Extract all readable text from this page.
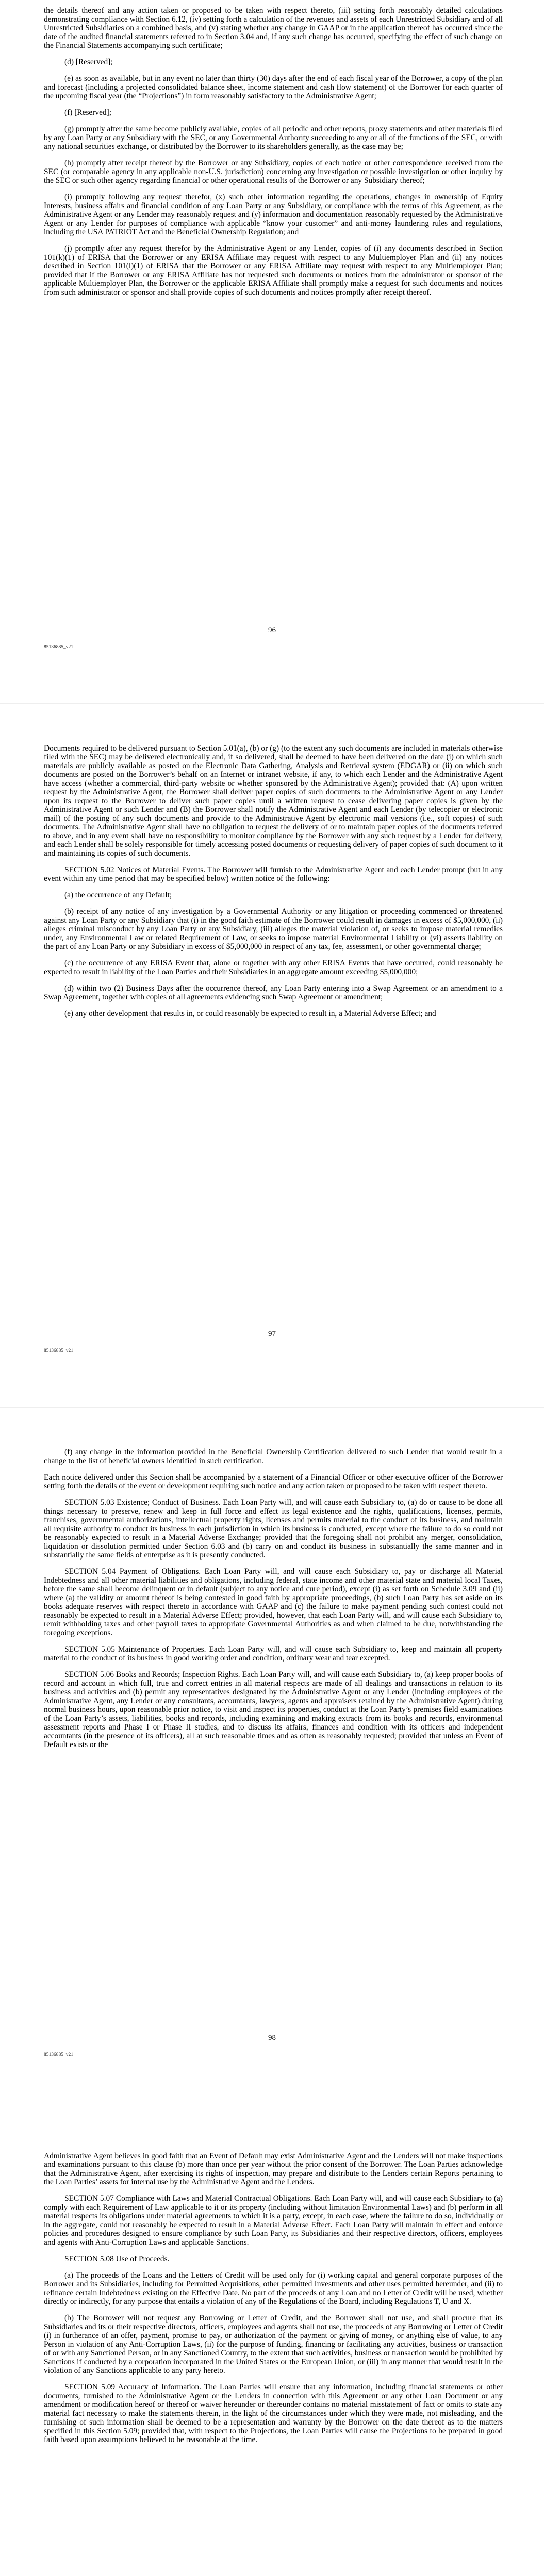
the details thereof and any action taken or proposed to be taken with respect thereto, (iii) setting forth reasonably detailed calculations demonstrating compliance with Section 6.12, (iv) setting forth a calculation of the revenues and assets of each Unrestricted Subsidiary and of all Unrestricted Subsidiaries on a combined basis, and (v) stating whether any change in GAAP or in the application thereof has occurred since the date of the audited financial statements referred to in Section 3.04 and, if any such change has occurred, specifying the effect of such change on the Financial Statements accompanying such certificate;

(d) [Reserved];

(e) as soon as available, but in any event no later than thirty (30) days after the end of each fiscal year of the Borrower, a copy of the plan and forecast (including a projected consolidated balance sheet, income statement and cash flow statement) of the Borrower for each quarter of the upcoming fiscal year (the “Projections”) in form reasonably satisfactory to the Administrative Agent;

(f) [Reserved];

(g) promptly after the same become publicly available, copies of all periodic and other reports, proxy statements and other materials filed by any Loan Party or any Subsidiary with the SEC, or any Governmental Authority succeeding to any or all of the functions of the SEC, or with any national securities exchange, or distributed by the Borrower to its shareholders generally, as the case may be;

(h) promptly after receipt thereof by the Borrower or any Subsidiary, copies of each notice or other correspondence received from the SEC (or comparable agency in any applicable non-U.S. jurisdiction) concerning any investigation or possible investigation or other inquiry by the SEC or such other agency regarding financial or other operational results of the Borrower or any Subsidiary thereof;

(i) promptly following any request therefor, (x) such other information regarding the operations, changes in ownership of Equity Interests, business affairs and financial condition of any Loan Party or any Subsidiary, or compliance with the terms of this Agreement, as the Administrative Agent or any Lender may reasonably request and (y) information and documentation reasonably requested by the Administrative Agent or any Lender for purposes of compliance with applicable “know your customer” and anti-money laundering rules and regulations, including the USA PATRIOT Act and the Beneficial Ownership Regulation; and

(j) promptly after any request therefor by the Administrative Agent or any Lender, copies of (i) any documents described in Section 101(k)(1) of ERISA that the Borrower or any ERISA Affiliate may request with respect to any Multiemployer Plan and (ii) any notices described in Section 101(l)(1) of ERISA that the Borrower or any ERISA Affiliate may request with respect to any Multiemployer Plan; provided that if the Borrower or any ERISA Affiliate has not requested such documents or notices from the administrator or sponsor of the applicable Multiemployer Plan, the Borrower or the applicable ERISA Affiliate shall promptly make a request for such documents and notices from such administrator or sponsor and shall provide copies of such documents and notices promptly after receipt thereof.

96
85136885_v21

Documents required to be delivered pursuant to Section 5.01(a), (b) or (g) (to the extent any such documents are included in materials otherwise filed with the SEC) may be delivered electronically and, if so delivered, shall be deemed to have been delivered on the date (i) on which such materials are publicly available as posted on the Electronic Data Gathering, Analysis and Retrieval system (EDGAR) or (ii) on which such documents are posted on the Borrower’s behalf on an Internet or intranet website, if any, to which each Lender and the Administrative Agent have access (whether a commercial, third-party website or whether sponsored by the Administrative Agent); provided that: (A) upon written request by the Administrative Agent, the Borrower shall deliver paper copies of such documents to the Administrative Agent or any Lender upon its request to the Borrower to deliver such paper copies until a written request to cease delivering paper copies is given by the Administrative Agent or such Lender and (B) the Borrower shall notify the Administrative Agent and each Lender (by telecopier or electronic mail) of the posting of any such documents and provide to the Administrative Agent by electronic mail versions (i.e., soft copies) of such documents. The Administrative Agent shall have no obligation to request the delivery of or to maintain paper copies of the documents referred to above, and in any event shall have no responsibility to monitor compliance by the Borrower with any such request by a Lender for delivery, and each Lender shall be solely responsible for timely accessing posted documents or requesting delivery of paper copies of such document to it and maintaining its copies of such documents.

SECTION 5.02 Notices of Material Events. The Borrower will furnish to the Administrative Agent and each Lender prompt (but in any event within any time period that may be specified below) written notice of the following:

(a) the occurrence of any Default;

(b) receipt of any notice of any investigation by a Governmental Authority or any litigation or proceeding commenced or threatened against any Loan Party or any Subsidiary that (i) in the good faith estimate of the Borrower could result in damages in excess of $5,000,000, (ii) alleges criminal misconduct by any Loan Party or any Subsidiary, (iii) alleges the material violation of, or seeks to impose material remedies under, any Environmental Law or related Requirement of Law, or seeks to impose material Environmental Liability or (vi) asserts liability on the part of any Loan Party or any Subsidiary in excess of $5,000,000 in respect of any tax, fee, assessment, or other governmental charge;

(c) the occurrence of any ERISA Event that, alone or together with any other ERISA Events that have occurred, could reasonably be expected to result in liability of the Loan Parties and their Subsidiaries in an aggregate amount exceeding $5,000,000;

(d) within two (2) Business Days after the occurrence thereof, any Loan Party entering into a Swap Agreement or an amendment to a Swap Agreement, together with copies of all agreements evidencing such Swap Agreement or amendment;

(e) any other development that results in, or could reasonably be expected to result in, a Material Adverse Effect; and

97
85136885_v21

(f) any change in the information provided in the Beneficial Ownership Certification delivered to such Lender that would result in a change to the list of beneficial owners identified in such certification.

Each notice delivered under this Section shall be accompanied by a statement of a Financial Officer or other executive officer of the Borrower setting forth the details of the event or development requiring such notice and any action taken or proposed to be taken with respect thereto.

SECTION 5.03 Existence; Conduct of Business. Each Loan Party will, and will cause each Subsidiary to, (a) do or cause to be done all things necessary to preserve, renew and keep in full force and effect its legal existence and the rights, qualifications, licenses, permits, franchises, governmental authorizations, intellectual property rights, licenses and permits material to the conduct of its business, and maintain all requisite authority to conduct its business in each jurisdiction in which its business is conducted, except where the failure to do so could not be reasonably expected to result in a Material Adverse Exchange; provided that the foregoing shall not prohibit any merger, consolidation, liquidation or dissolution permitted under Section 6.03 and (b) carry on and conduct its business in substantially the same manner and in substantially the same fields of enterprise as it is presently conducted.

SECTION 5.04 Payment of Obligations. Each Loan Party will, and will cause each Subsidiary to, pay or discharge all Material Indebtedness and all other material liabilities and obligations, including federal, state income and other material state and material local Taxes, before the same shall become delinquent or in default (subject to any notice and cure period), except (i) as set forth on Schedule 3.09 and (ii) where (a) the validity or amount thereof is being contested in good faith by appropriate proceedings, (b) such Loan Party has set aside on its books adequate reserves with respect thereto in accordance with GAAP and (c) the failure to make payment pending such contest could not reasonably be expected to result in a Material Adverse Effect; provided, however, that each Loan Party will, and will cause each Subsidiary to, remit withholding taxes and other payroll taxes to appropriate Governmental Authorities as and when claimed to be due, notwithstanding the foregoing exceptions.

SECTION 5.05 Maintenance of Properties. Each Loan Party will, and will cause each Subsidiary to, keep and maintain all property material to the conduct of its business in good working order and condition, ordinary wear and tear excepted.

SECTION 5.06 Books and Records; Inspection Rights. Each Loan Party will, and will cause each Subsidiary to, (a) keep proper books of record and account in which full, true and correct entries in all material respects are made of all dealings and transactions in relation to its business and activities and (b) permit any representatives designated by the Administrative Agent or any Lender (including employees of the Administrative Agent, any Lender or any consultants, accountants, lawyers, agents and appraisers retained by the Administrative Agent) during normal business hours, upon reasonable prior notice, to visit and inspect its properties, conduct at the Loan Party’s premises field examinations of the Loan Party’s assets, liabilities, books and records, including examining and making extracts from its books and records, environmental assessment reports and Phase I or Phase II studies, and to discuss its affairs, finances and condition with its officers and independent accountants (in the presence of its officers), all at such reasonable times and as often as reasonably requested; provided that unless an Event of Default exists or the

98
85136885_v21

Administrative Agent believes in good faith that an Event of Default may exist Administrative Agent and the Lenders will not make inspections and examinations pursuant to this clause (b) more than once per year without the prior consent of the Borrower. The Loan Parties acknowledge that the Administrative Agent, after exercising its rights of inspection, may prepare and distribute to the Lenders certain Reports pertaining to the Loan Parties’ assets for internal use by the Administrative Agent and the Lenders.

SECTION 5.07 Compliance with Laws and Material Contractual Obligations. Each Loan Party will, and will cause each Subsidiary to (a) comply with each Requirement of Law applicable to it or its property (including without limitation Environmental Laws) and (b) perform in all material respects its obligations under material agreements to which it is a party, except, in each case, where the failure to do so, individually or in the aggregate, could not reasonably be expected to result in a Material Adverse Effect. Each Loan Party will maintain in effect and enforce policies and procedures designed to ensure compliance by such Loan Party, its Subsidiaries and their respective directors, officers, employees and agents with Anti-Corruption Laws and applicable Sanctions.

SECTION 5.08 Use of Proceeds.

(a) The proceeds of the Loans and the Letters of Credit will be used only for (i) working capital and general corporate purposes of the Borrower and its Subsidiaries, including for Permitted Acquisitions, other permitted Investments and other uses permitted hereunder, and (ii) to refinance certain Indebtedness existing on the Effective Date. No part of the proceeds of any Loan and no Letter of Credit will be used, whether directly or indirectly, for any purpose that entails a violation of any of the Regulations of the Board, including Regulations T, U and X.

(b) The Borrower will not request any Borrowing or Letter of Credit, and the Borrower shall not use, and shall procure that its Subsidiaries and its or their respective directors, officers, employees and agents shall not use, the proceeds of any Borrowing or Letter of Credit (i) in furtherance of an offer, payment, promise to pay, or authorization of the payment or giving of money, or anything else of value, to any Person in violation of any Anti-Corruption Laws, (ii) for the purpose of funding, financing or facilitating any activities, business or transaction of or with any Sanctioned Person, or in any Sanctioned Country, to the extent that such activities, business or transaction would be prohibited by Sanctions if conducted by a corporation incorporated in the United States or the European Union, or (iii) in any manner that would result in the violation of any Sanctions applicable to any party hereto.

SECTION 5.09 Accuracy of Information. The Loan Parties will ensure that any information, including financial statements or other documents, furnished to the Administrative Agent or the Lenders in connection with this Agreement or any other Loan Document or any amendment or modification hereof or thereof or waiver hereunder or thereunder contains no material misstatement of fact or omits to state any material fact necessary to make the statements therein, in the light of the circumstances under which they were made, not misleading, and the furnishing of such information shall be deemed to be a representation and warranty by the Borrower on the date thereof as to the matters specified in this Section 5.09; provided that, with respect to the Projections, the Loan Parties will cause the Projections to be prepared in good faith based upon assumptions believed to be reasonable at the time.
